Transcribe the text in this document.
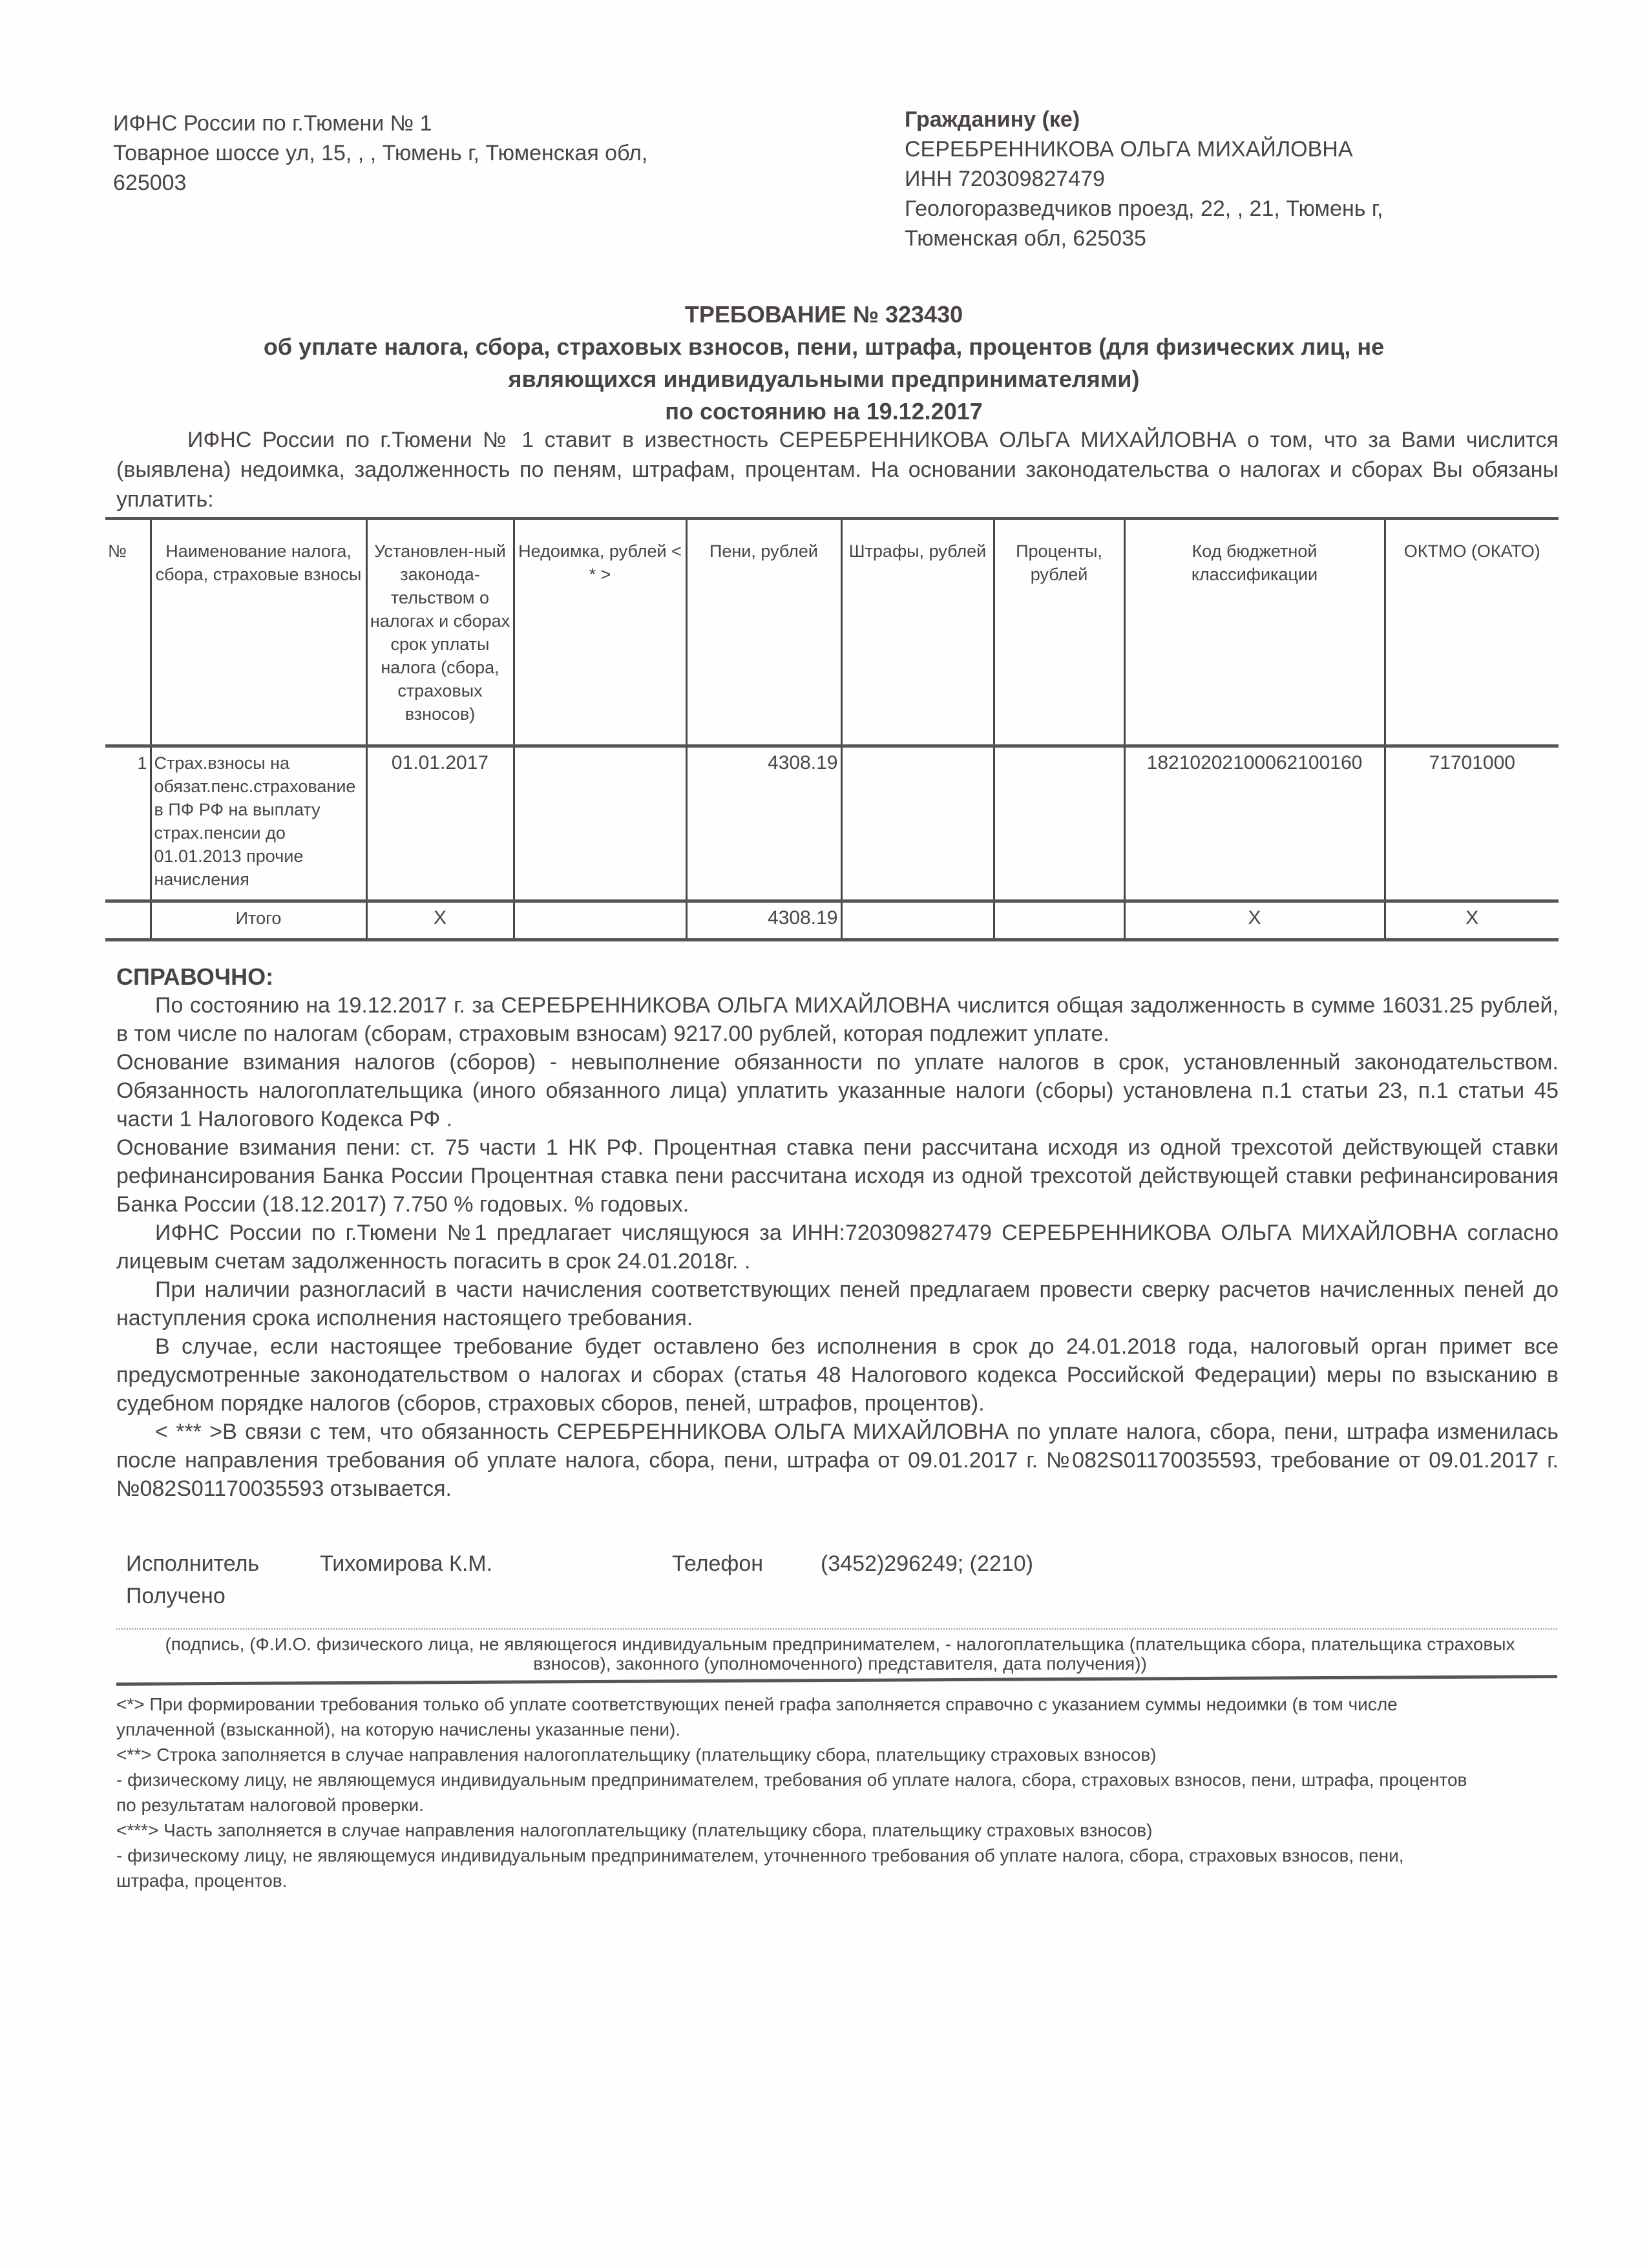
ИФНС России по г.Тюмени № 1
Товарное шоссе ул, 15, , , Тюмень г, Тюменская обл,
625003
Гражданину (ке)
СЕРЕБРЕННИКОВА ОЛЬГА МИХАЙЛОВНА
ИНН 720309827479
Геологоразведчиков проезд, 22, , 21, Тюмень г,
Тюменская обл, 625035
ТРЕБОВАНИЕ № 323430
об уплате налога, сбора, страховых взносов, пени, штрафа, процентов (для физических лиц, не
являющихся индивидуальными предпринимателями)
по состоянию на 19.12.2017
ИФНС России по г.Тюмени № 1 ставит в известность СЕРЕБРЕННИКОВА ОЛЬГА МИХАЙЛОВНА о том, что за Вами числится (выявлена) недоимка, задолженность по пеням, штрафам, процентам. На основании законодательства о налогах и сборах Вы обязаны уплатить:
№	Наименование налога, сбора, страховые взносы	Установлен-ный законода-тельством о налогах и сборах срок уплаты налога (сбора, страховых взносов)	Недоимка, рублей < * >	Пени, рублей	Штрафы, рублей	Проценты, рублей	Код бюджетной классификации	ОКТМО (ОКАТО)
1	Страх.взносы на обязат.пенс.страхование в ПФ РФ на выплату страх.пенсии до 01.01.2013 прочие начисления	01.01.2017		4308.19			18210202100062100160	71701000
	Итого	X		4308.19			X	X
СПРАВОЧНО:

По состоянию на 19.12.2017 г. за СЕРЕБРЕННИКОВА ОЛЬГА МИХАЙЛОВНА числится общая задолженность в сумме 16031.25 рублей, в том числе по налогам (сборам, страховым взносам) 9217.00 рублей, которая подлежит уплате.

Основание взимания налогов (сборов) - невыполнение обязанности по уплате налогов в срок, установленный законодательством. Обязанность налогоплательщика (иного обязанного лица) уплатить указанные налоги (сборы) установлена п.1 статьи 23, п.1 статьи 45 части 1 Налогового Кодекса РФ .

Основание взимания пени: ст. 75 части 1 НК РФ. Процентная ставка пени рассчитана исходя из одной трехсотой действующей ставки рефинансирования Банка России Процентная ставка пени рассчитана исходя из одной трехсотой действующей ставки рефинансирования Банка России (18.12.2017) 7.750 % годовых. % годовых.

ИФНС России по г.Тюмени №1 предлагает числящуюся за ИНН:720309827479 СЕРЕБРЕННИКОВА ОЛЬГА МИХАЙЛОВНА согласно лицевым счетам задолженность погасить в срок 24.01.2018г. .

При наличии разногласий в части начисления соответствующих пеней предлагаем провести сверку расчетов начисленных пеней до наступления срока исполнения настоящего требования.

В случае, если настоящее требование будет оставлено без исполнения в срок до 24.01.2018 года, налоговый орган примет все предусмотренные законодательством о налогах и сборах (статья 48 Налогового кодекса Российской Федерации) меры по взысканию в судебном порядке налогов (сборов, страховых сборов, пеней, штрафов, процентов).

< *** >В связи с тем, что обязанность СЕРЕБРЕННИКОВА ОЛЬГА МИХАЙЛОВНА по уплате налога, сбора, пени, штрафа изменилась после направления требования об уплате налога, сбора, пени, штрафа от 09.01.2017 г. №082S01170035593, требование от 09.01.2017 г. №082S01170035593 отзывается.

Исполнитель	Тихомирова К.М.	Телефон	(3452)296249; (2210)
Получено
(подпись, (Ф.И.О. физического лица, не являющегося индивидуальным предпринимателем, - налогоплательщика (плательщика сбора, плательщика страховых взносов), законного (уполномоченного) представителя, дата получения))

<*> При формировании требования только об уплате соответствующих пеней графа заполняется справочно с указанием суммы недоимки (в том числе уплаченной (взысканной), на которую начислены указанные пени).

<**> Строка заполняется в случае направления налогоплательщику (плательщику сбора, плательщику страховых взносов)

- физическому лицу, не являющемуся индивидуальным предпринимателем, требования об уплате налога, сбора, страховых взносов, пени, штрафа, процентов по результатам налоговой проверки.

<***> Часть заполняется в случае направления налогоплательщику (плательщику сбора, плательщику страховых взносов)

- физическому лицу, не являющемуся индивидуальным предпринимателем, уточненного требования об уплате налога, сбора, страховых взносов, пени, штрафа, процентов.
